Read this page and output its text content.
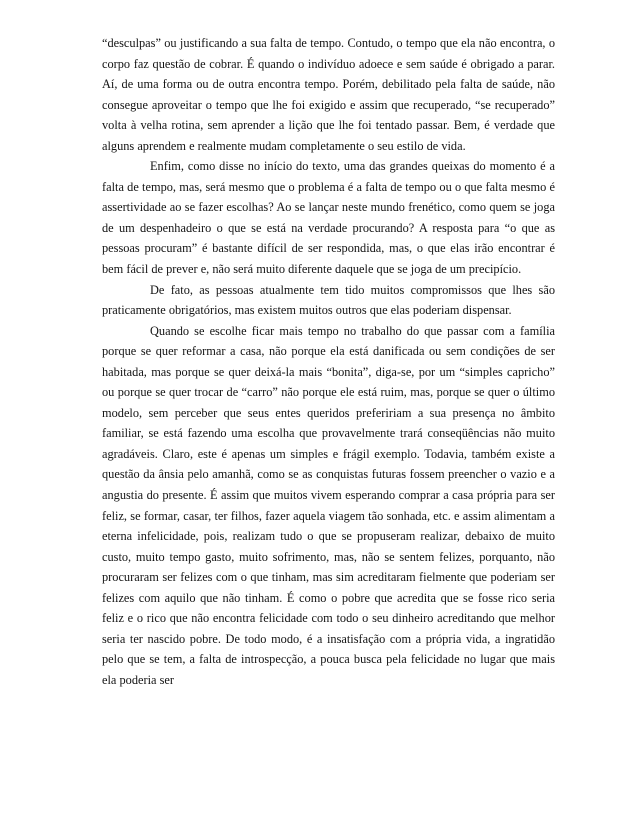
“desculpas” ou justificando a sua falta de tempo. Contudo, o tempo que ela não encontra, o corpo faz questão de cobrar. É quando o indivíduo adoece e sem saúde é obrigado a parar. Aí, de uma forma ou de outra encontra tempo. Porém, debilitado pela falta de saúde, não consegue aproveitar o tempo que lhe foi exigido e assim que recuperado, “se recuperado” volta à velha rotina, sem aprender a lição que lhe foi tentado passar. Bem, é verdade que alguns aprendem e realmente mudam completamente o seu estilo de vida.

Enfim, como disse no início do texto, uma das grandes queixas do momento é a falta de tempo, mas, será mesmo que o problema é a falta de tempo ou o que falta mesmo é assertividade ao se fazer escolhas? Ao se lançar neste mundo frenético, como quem se joga de um despenhadeiro o que se está na verdade procurando? A resposta para “o que as pessoas procuram” é bastante difícil de ser respondida, mas, o que elas irão encontrar é bem fácil de prever e, não será muito diferente daquele que se joga de um precipício.

De fato, as pessoas atualmente tem tido muitos compromissos que lhes são praticamente obrigatórios, mas existem muitos outros que elas poderiam dispensar.

Quando se escolhe ficar mais tempo no trabalho do que passar com a família porque se quer reformar a casa, não porque ela está danificada ou sem condições de ser habitada, mas porque se quer deixá-la mais “bonita”, diga-se, por um “simples capricho” ou porque se quer trocar de “carro” não porque ele está ruim, mas, porque se quer o último modelo, sem perceber que seus entes queridos prefeririam a sua presença no âmbito familiar, se está fazendo uma escolha que provavelmente trará conseqüências não muito agradáveis. Claro, este é apenas um simples e frágil exemplo. Todavia, também existe a questão da ânsia pelo amanhã, como se as conquistas futuras fossem preencher o vazio e a angustia do presente. É assim que muitos vivem esperando comprar a casa própria para ser feliz, se formar, casar, ter filhos, fazer aquela viagem tão sonhada, etc. e assim alimentam a eterna infelicidade, pois, realizam tudo o que se propuseram realizar, debaixo de muito custo, muito tempo gasto, muito sofrimento, mas, não se sentem felizes, porquanto, não procuraram ser felizes com o que tinham, mas sim acreditaram fielmente que poderiam ser felizes com aquilo que não tinham. É como o pobre que acredita que se fosse rico seria feliz e o rico que não encontra felicidade com todo o seu dinheiro acreditando que melhor seria ter nascido pobre. De todo modo, é a insatisfação com a própria vida, a ingratidão pelo que se tem, a falta de introspecção, a pouca busca pela felicidade no lugar que mais ela poderia ser
